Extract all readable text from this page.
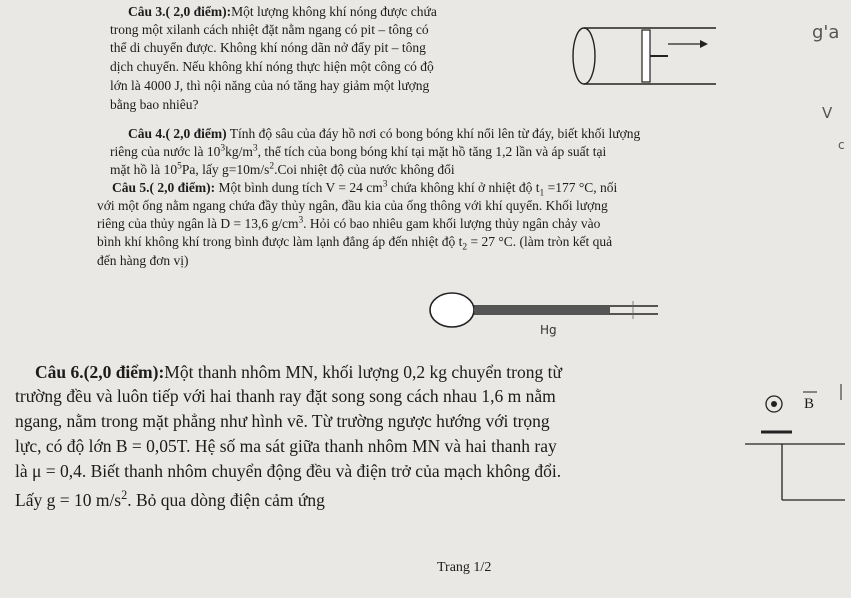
Câu 3.( 2,0 điểm):Một lượng không khí nóng được chứa
trong một xilanh cách nhiệt đặt nằm ngang có pit – tông có
thể di chuyển được. Không khí nóng dãn nở đẩy pit – tông
dịch chuyển. Nếu không khí nóng thực hiện một công có độ
lớn là 4000 J, thì nội năng của nó tăng hay giảm một lượng
bằng bao nhiêu?
Câu 4.( 2,0 điểm) Tính độ sâu của đáy hồ nơi có bong bóng khí nổi lên từ đáy, biết khối lượng
riêng của nước là $10^3kg/m^3$, thể tích của bong bóng khí tại mặt hồ tăng 1,2 lần và áp suất tại
mặt hồ là $10^5Pa$, lấy $g=10m/s^2.Coi$ nhiệt độ của nước không đổi
Câu 5.( 2,0 điểm): Một bình dung tích V = 24 $cm^3$ chứa không khí ở nhiệt độ $t_1 =177$ °C, nối
với một ống nằm ngang chứa đầy thủy ngân, đầu kia của ống thông với khí quyển. Khối lượng
riêng của thủy ngân là D = 13,6 $g/cm^3$. Hỏi có bao nhiêu gam khối lượng thủy ngân chảy vào
bình khí không khí trong bình được làm lạnh đẳng áp đến nhiệt độ $t_2 = 27$ °C. (làm tròn kết quả
đến hàng đơn vị)
Hg
Câu 6.(2,0 điểm):Một thanh nhôm MN, khối lượng 0,2 kg chuyển trong từ
trường đều và luôn tiếp với hai thanh ray đặt song song cách nhau 1,6 m nằm
ngang, nằm trong mặt phẳng như hình vẽ. Từ trường ngược hướng với trọng
lực, có độ lớn B = 0,05T. Hệ số ma sát giữa thanh nhôm MN và hai thanh ray
là μ = 0,4. Biết thanh nhôm chuyển động đều và điện trở của mạch không đổi.
Lấy g = 10 $m/s^2$. Bỏ qua dòng điện cảm ứng
B
Trang 1/2
g'a
V
c
